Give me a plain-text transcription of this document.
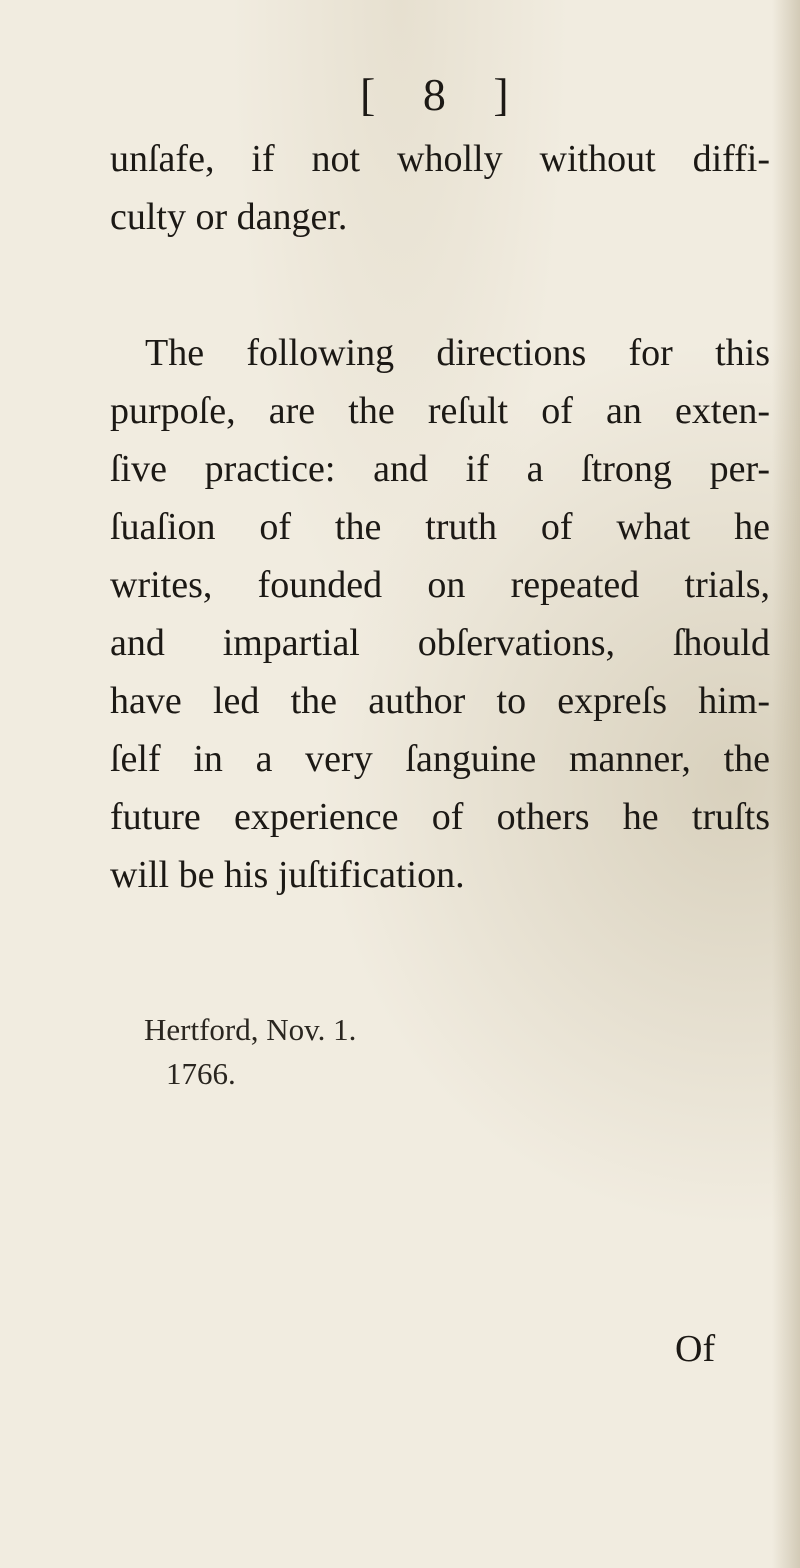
[ 8 ]
unſafe, if not wholly without diffi-
culty or danger.
The following directions for this
purpoſe, are the reſult of an exten-
ſive practice: and if a ſtrong per-
ſuaſion of the truth of what he
writes, founded on repeated trials,
and impartial obſervations, ſhould
have led the author to expreſs him-
ſelf in a very ſanguine manner, the
future experience of others he truſts
will be his juſtification.
Hertford, Nov. 1.
1766.
Of
